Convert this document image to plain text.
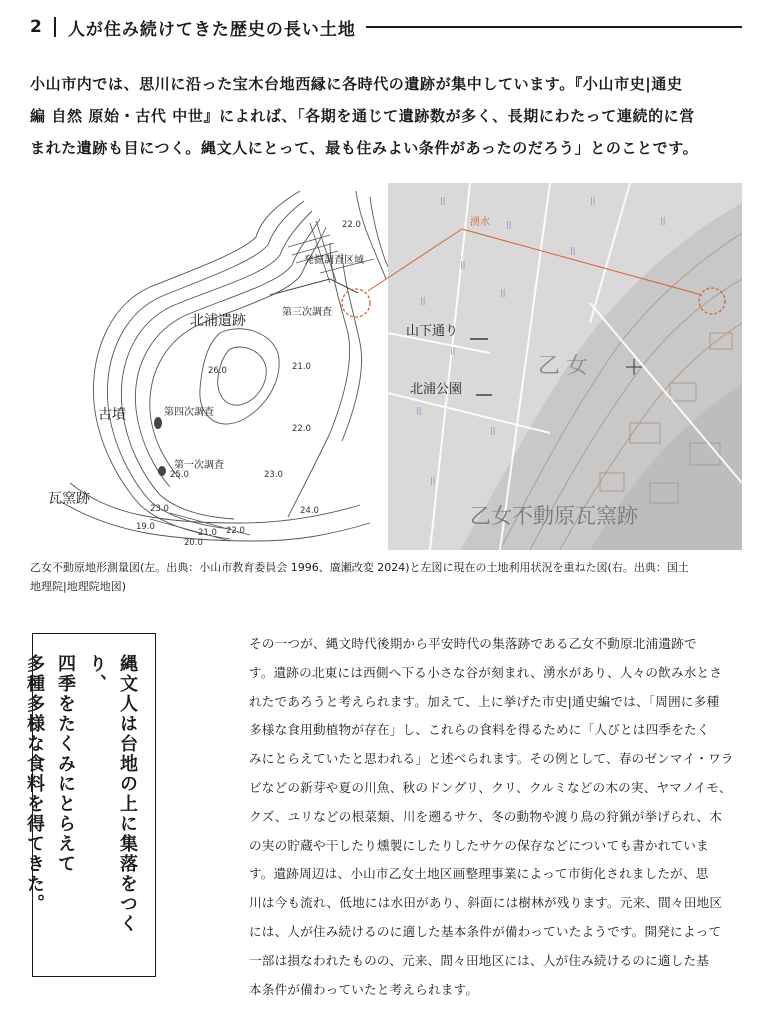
2 人が住み続けてきた歴史の長い土地
小山市内では、思川に沿った宝木台地西縁に各時代の遺跡が集中しています。『小山市史|通史
編 自然 原始・古代 中世』によれば、「各期を通じて遺跡数が多く、長期にわたって連続的に営
まれた遺跡も目につく。縄文人にとって、最も住みよい条件があったのだろう」とのことです。
北浦遺跡
第三次調査
発掘調査区域
第四次調査
第一次調査
古墳
瓦窯跡
22.0
26.0	21.0
22.0
25.0	23.0
23.0	24.0
19.0
21.0 22.0
20.0
||
||
||
||
||
||
||
||
||
||
||
||
山下通り
北浦公園
乙女
乙女不動原瓦窯跡
湧水
乙女不動原地形測量図(左。出典：小山市教育委員会 1996、廣瀬改変 2024)と左図に現在の土地利用状況を重ねた図(右。出典：国土
地理院|地理院地図)
縄文人は台地の上に集落をつくり、
四季をたくみにとらえて
多種多様な食料を得てきた。

その一つが、縄文時代後期から平安時代の集落跡である乙女不動原北浦遺跡で

す。遺跡の北東には西側へ下る小さな谷が刻まれ、湧水があり、人々の飲み水とさ

れたであろうと考えられます。加えて、上に挙げた市史|通史編では、「周囲に多種

多様な食用動植物が存在」し、これらの食料を得るために「人びとは四季をたく

みにとらえていたと思われる」と述べられます。その例として、春のゼンマイ・ワラ

ビなどの新芽や夏の川魚、秋のドングリ、クリ、クルミなどの木の実、ヤマノイモ、

クズ、ユリなどの根菜類、川を遡るサケ、冬の動物や渡り鳥の狩猟が挙げられ、木

の実の貯蔵や干したり燻製にしたりしたサケの保存などについても書かれていま

す。遺跡周辺は、小山市乙女土地区画整理事業によって市街化されましたが、思

川は今も流れ、低地には水田があり、斜面には樹林が残ります。元来、間々田地区

には、人が住み続けるのに適した基本条件が備わっていたようです。開発によって

一部は損なわれたものの、元来、間々田地区には、人が住み続けるのに適した基

本条件が備わっていたと考えられます。
